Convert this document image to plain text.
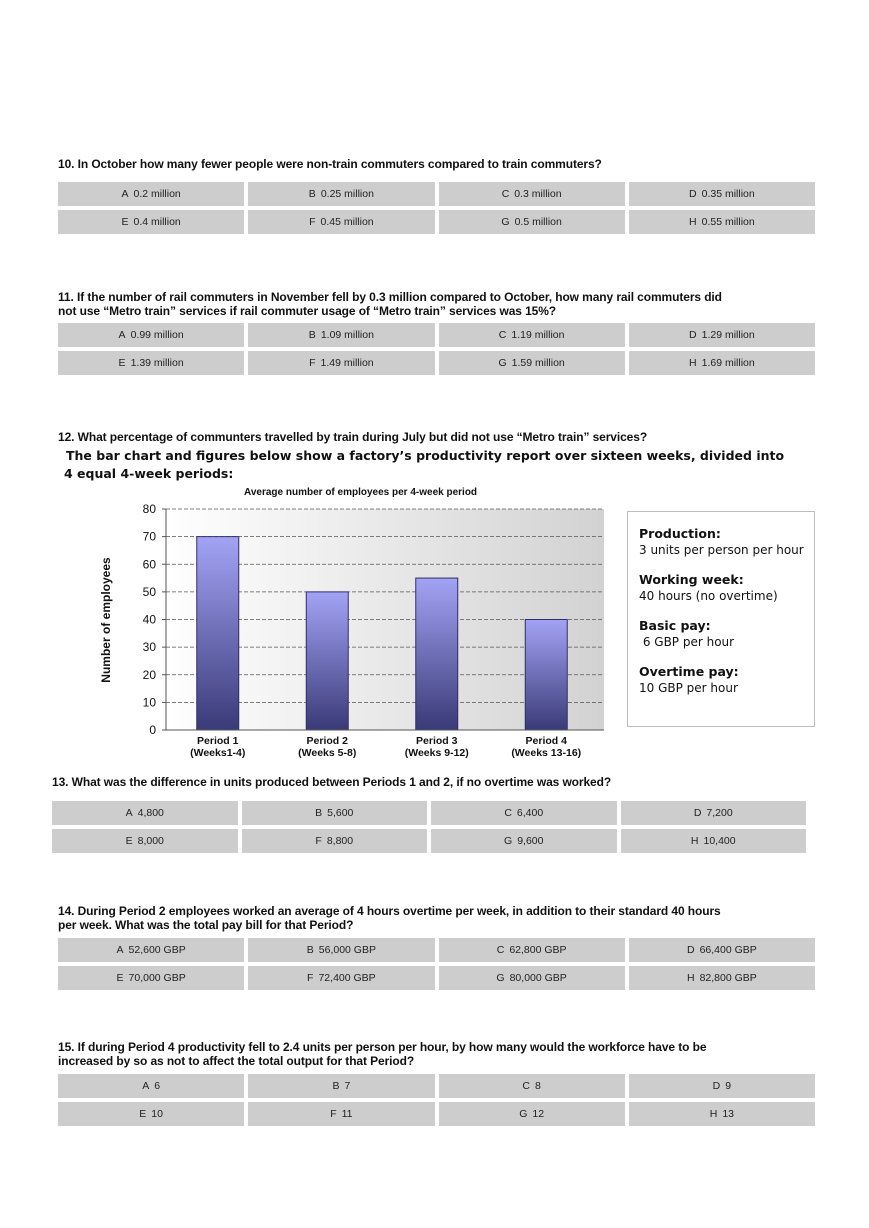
10. In October how many fewer people were non-train commuters compared to train commuters?
A 0.2 million	B 0.25 million	C 0.3 million	D 0.35 million
E 0.4 million	F 0.45 million	G 0.5 million	H 0.55 million
11. If the number of rail commuters in November fell by 0.3 million compared to October, how many rail commuters did
not use “Metro train” services if rail commuter usage of “Metro train” services was 15%?
A 0.99 million	B 1.09 million	C 1.19 million	D 1.29 million
E 1.39 million	F 1.49 million	G 1.59 million	H 1.69 million
12. What percentage of communters travelled by train during July but did not use “Metro train” services?
The bar chart and figures below show a factory’s productivity report over sixteen weeks, divided into
4 equal 4-week periods:
Average number of employees per 4-week period
0
10
20
30
40
50
60
70
80
Period 1
(Weeks1-4)
Period 2
(Weeks 5-8)
Period 3
(Weeks 9-12)
Period 4
(Weeks 13-16)
Number of employees
Production:
3 units per person per hour
Working week:
40 hours (no overtime)
Basic pay:
6 GBP per hour
Overtime pay:
10 GBP per hour
13. What was the difference in units produced between Periods 1 and 2, if no overtime was worked?
A 4,800	B 5,600	C 6,400	D 7,200
E 8,000	F 8,800	G 9,600	H 10,400
14. During Period 2 employees worked an average of 4 hours overtime per week, in addition to their standard 40 hours
per week. What was the total pay bill for that Period?
A 52,600 GBP	B 56,000 GBP	C 62,800 GBP	D 66,400 GBP
E 70,000 GBP	F 72,400 GBP	G 80,000 GBP	H 82,800 GBP
15. If during Period 4 productivity fell to 2.4 units per person per hour, by how many would the workforce have to be
increased by so as not to affect the total output for that Period?
A 6	B 7	C 8	D 9
E 10	F 11	G 12	H 13
